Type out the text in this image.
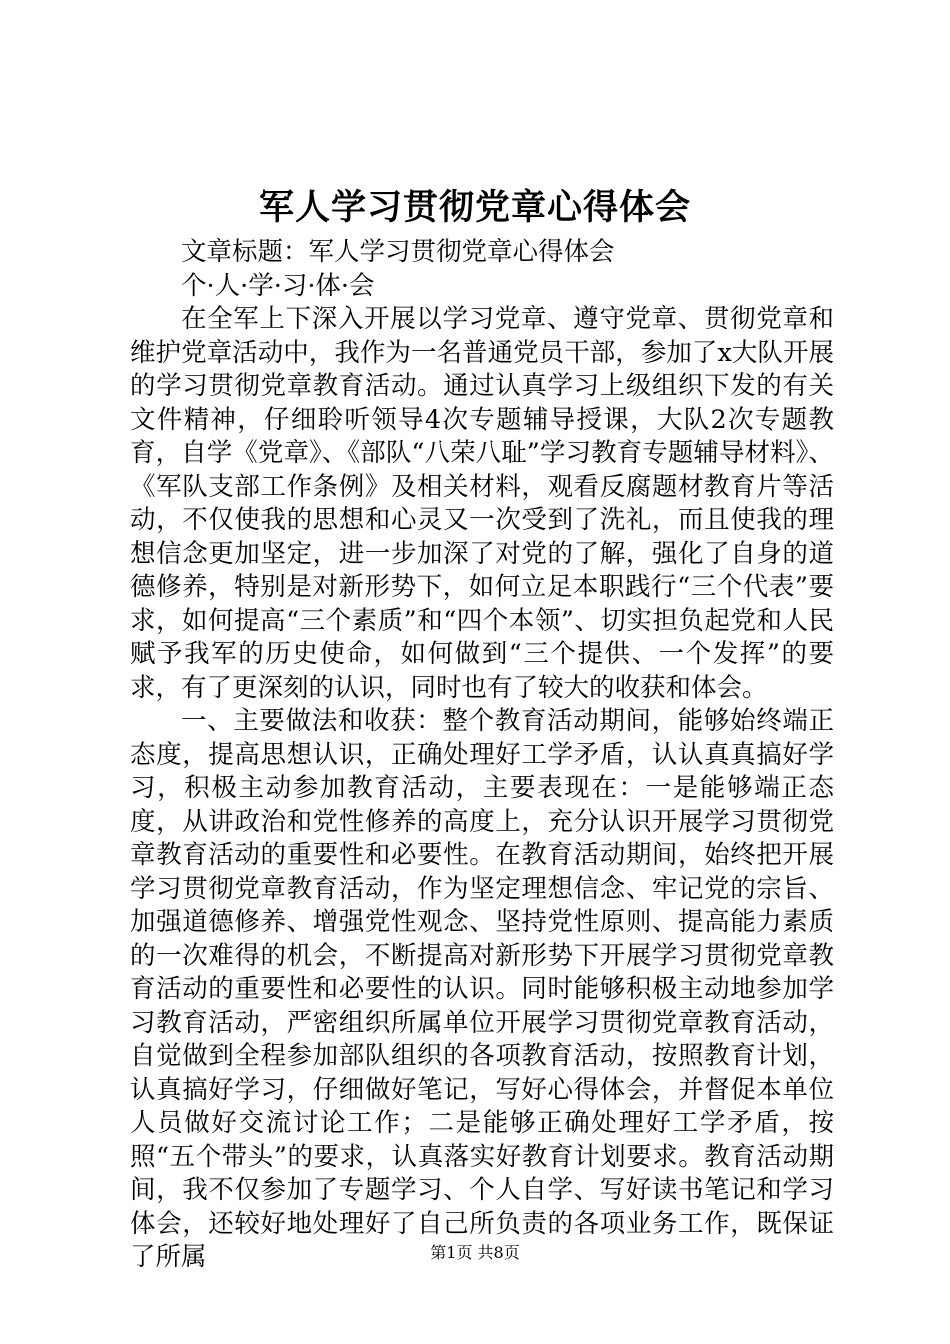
军人学习贯彻党章心得体会

文章标题：军人学习贯彻党章心得体会

个·人·学·习·体·会

在全军上下深入开展以学习党章、遵守党章、贯彻党章和维护党章活动中，我作为一名普通党员干部，参加了x大队开展的学习贯彻党章教育活动。通过认真学习上级组织下发的有关文件精神，仔细聆听领导4次专题辅导授课，大队2次专题教育，自学《党章》、《部队“八荣八耻”学习教育专题辅导材料》、《军队支部工作条例》及相关材料，观看反腐题材教育片等活动，不仅使我的思想和心灵又一次受到了洗礼，而且使我的理想信念更加坚定，进一步加深了对党的了解，强化了自身的道德修养，特别是对新形势下，如何立足本职践行“三个代表”要求，如何提高“三个素质”和“四个本领”、切实担负起党和人民赋予我军的历史使命，如何做到“三个提供、一个发挥”的要求，有了更深刻的认识，同时也有了较大的收获和体会。

一、主要做法和收获：整个教育活动期间，能够始终端正态度，提高思想认识，正确处理好工学矛盾，认认真真搞好学习，积极主动参加教育活动，主要表现在：一是能够端正态度，从讲政治和党性修养的高度上，充分认识开展学习贯彻党章教育活动的重要性和必要性。在教育活动期间，始终把开展学习贯彻党章教育活动，作为坚定理想信念、牢记党的宗旨、加强道德修养、增强党性观念、坚持党性原则、提高能力素质的一次难得的机会，不断提高对新形势下开展学习贯彻党章教育活动的重要性和必要性的认识。同时能够积极主动地参加学习教育活动，严密组织所属单位开展学习贯彻党章教育活动，自觉做到全程参加部队组织的各项教育活动，按照教育计划，认真搞好学习，仔细做好笔记，写好心得体会，并督促本单位人员做好交流讨论工作；二是能够正确处理好工学矛盾，按照“五个带头”的要求，认真落实好教育计划要求。教育活动期间，我不仅参加了专题学习、个人自学、写好读书笔记和学习体会，还较好地处理好了自己所负责的各项业务工作，既保证了所属	第1页 共8页
